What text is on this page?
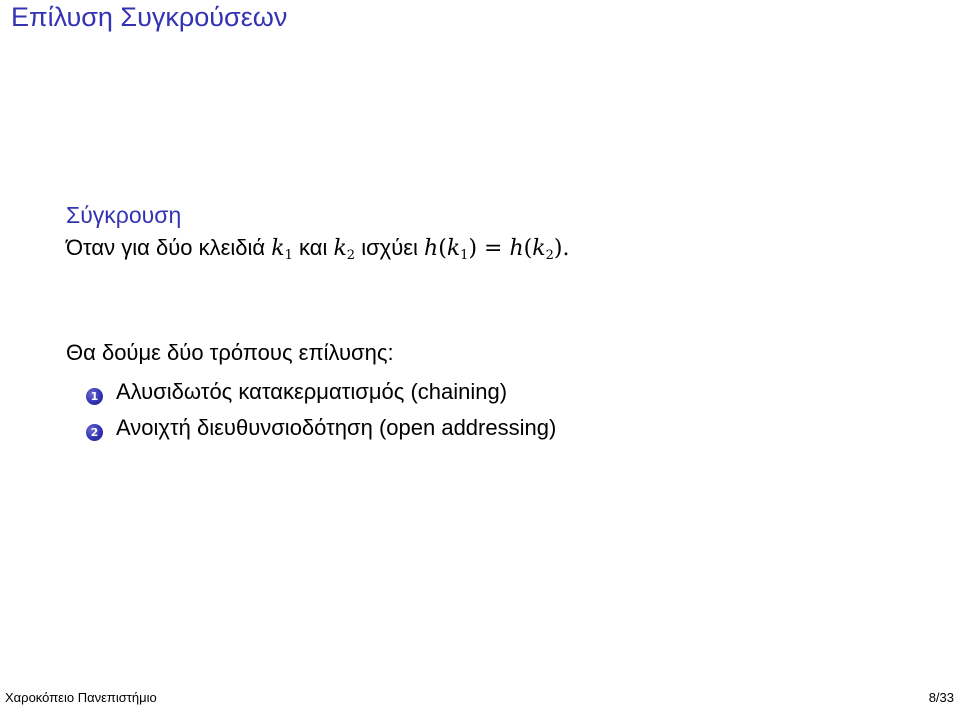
Επίλυση Συγκρούσεων
Σύγκρουση
Όταν για δύο κλειδιά $k_1$ και $k_2$ ισχύει $h(k_1) = h(k_2)$.
Θα δούμε δύο τρόπους επίλυσης:
1 Αλυσιδωτός κατακερματισμός (chaining)
2 Ανοιχτή διευθυνσιοδότηση (open addressing)
Χαροκόπειο Πανεπιστήμιο	8/33
